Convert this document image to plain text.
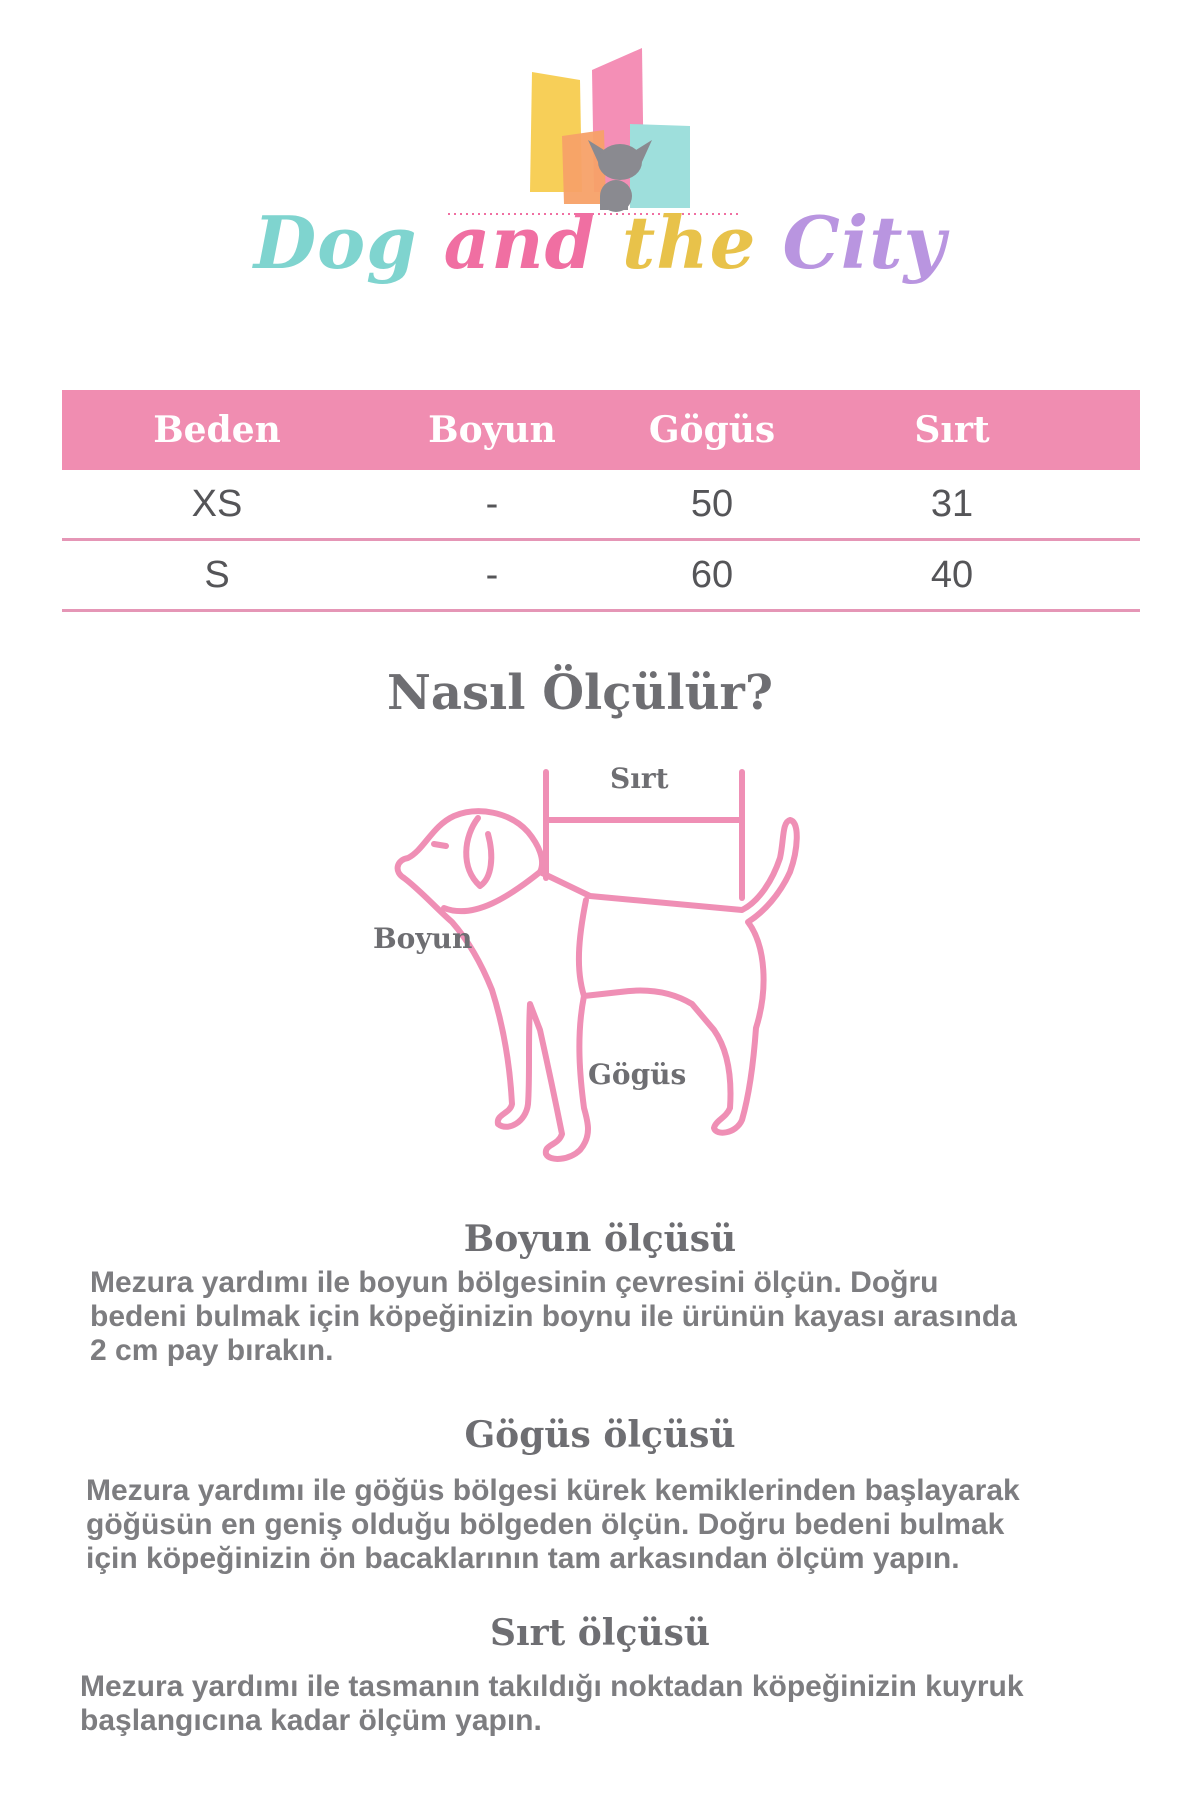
Dog and the City
Beden	Boyun	Gögüs	Sırt
XS	-	50	31
S	-	60	40
Nasıl Ölçülür?
Sırt
Boyun
Gögüs
Boyun ölçüsü
Mezura yardımı ile boyun bölgesinin çevresini ölçün. Doğru
bedeni bulmak için köpeğinizin boynu ile ürünün kayası arasında
2 cm pay bırakın.
Gögüs ölçüsü
Mezura yardımı ile göğüs bölgesi kürek kemiklerinden başlayarak
göğüsün en geniş olduğu bölgeden ölçün. Doğru bedeni bulmak
için köpeğinizin ön bacaklarının tam arkasından ölçüm yapın.
Sırt ölçüsü
Mezura yardımı ile tasmanın takıldığı noktadan köpeğinizin kuyruk
başlangıcına kadar ölçüm yapın.
